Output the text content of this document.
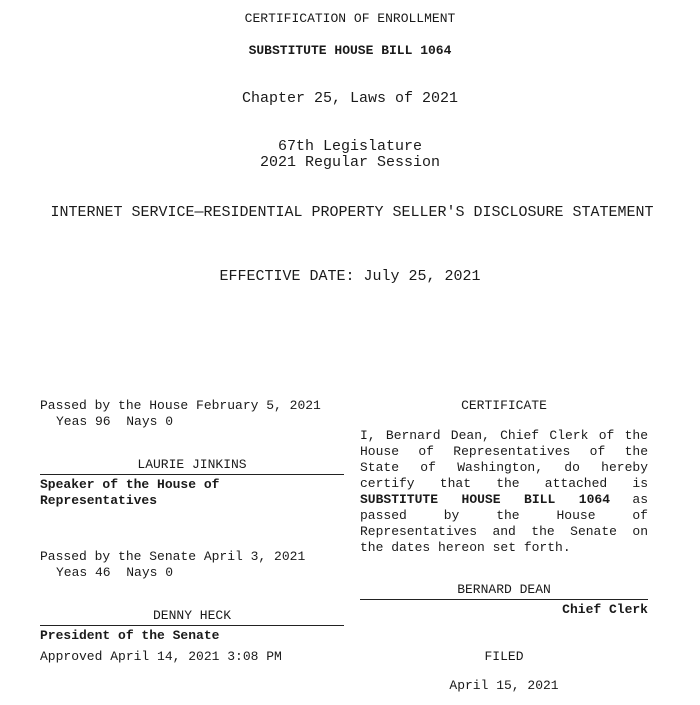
CERTIFICATION OF ENROLLMENT
SUBSTITUTE HOUSE BILL 1064
Chapter 25, Laws of 2021
67th Legislature
2021 Regular Session
INTERNET SERVICE—RESIDENTIAL PROPERTY SELLER'S DISCLOSURE STATEMENT
EFFECTIVE DATE: July 25, 2021
Passed by the House February 5, 2021
Yeas 96  Nays 0
LAURIE JINKINS
Speaker of the House of
Representatives
Passed by the Senate April 3, 2021
Yeas 46  Nays 0
DENNY HECK
President of the Senate
Approved April 14, 2021 3:08 PM
CERTIFICATE
I, Bernard Dean, Chief Clerk of the
House of Representatives of the
State of Washington, do hereby
certify that the attached is
SUBSTITUTE HOUSE BILL 1064 as
passed by the House of
Representatives and the Senate on
the dates hereon set forth.
BERNARD DEAN
Chief Clerk
FILED
April 15, 2021
